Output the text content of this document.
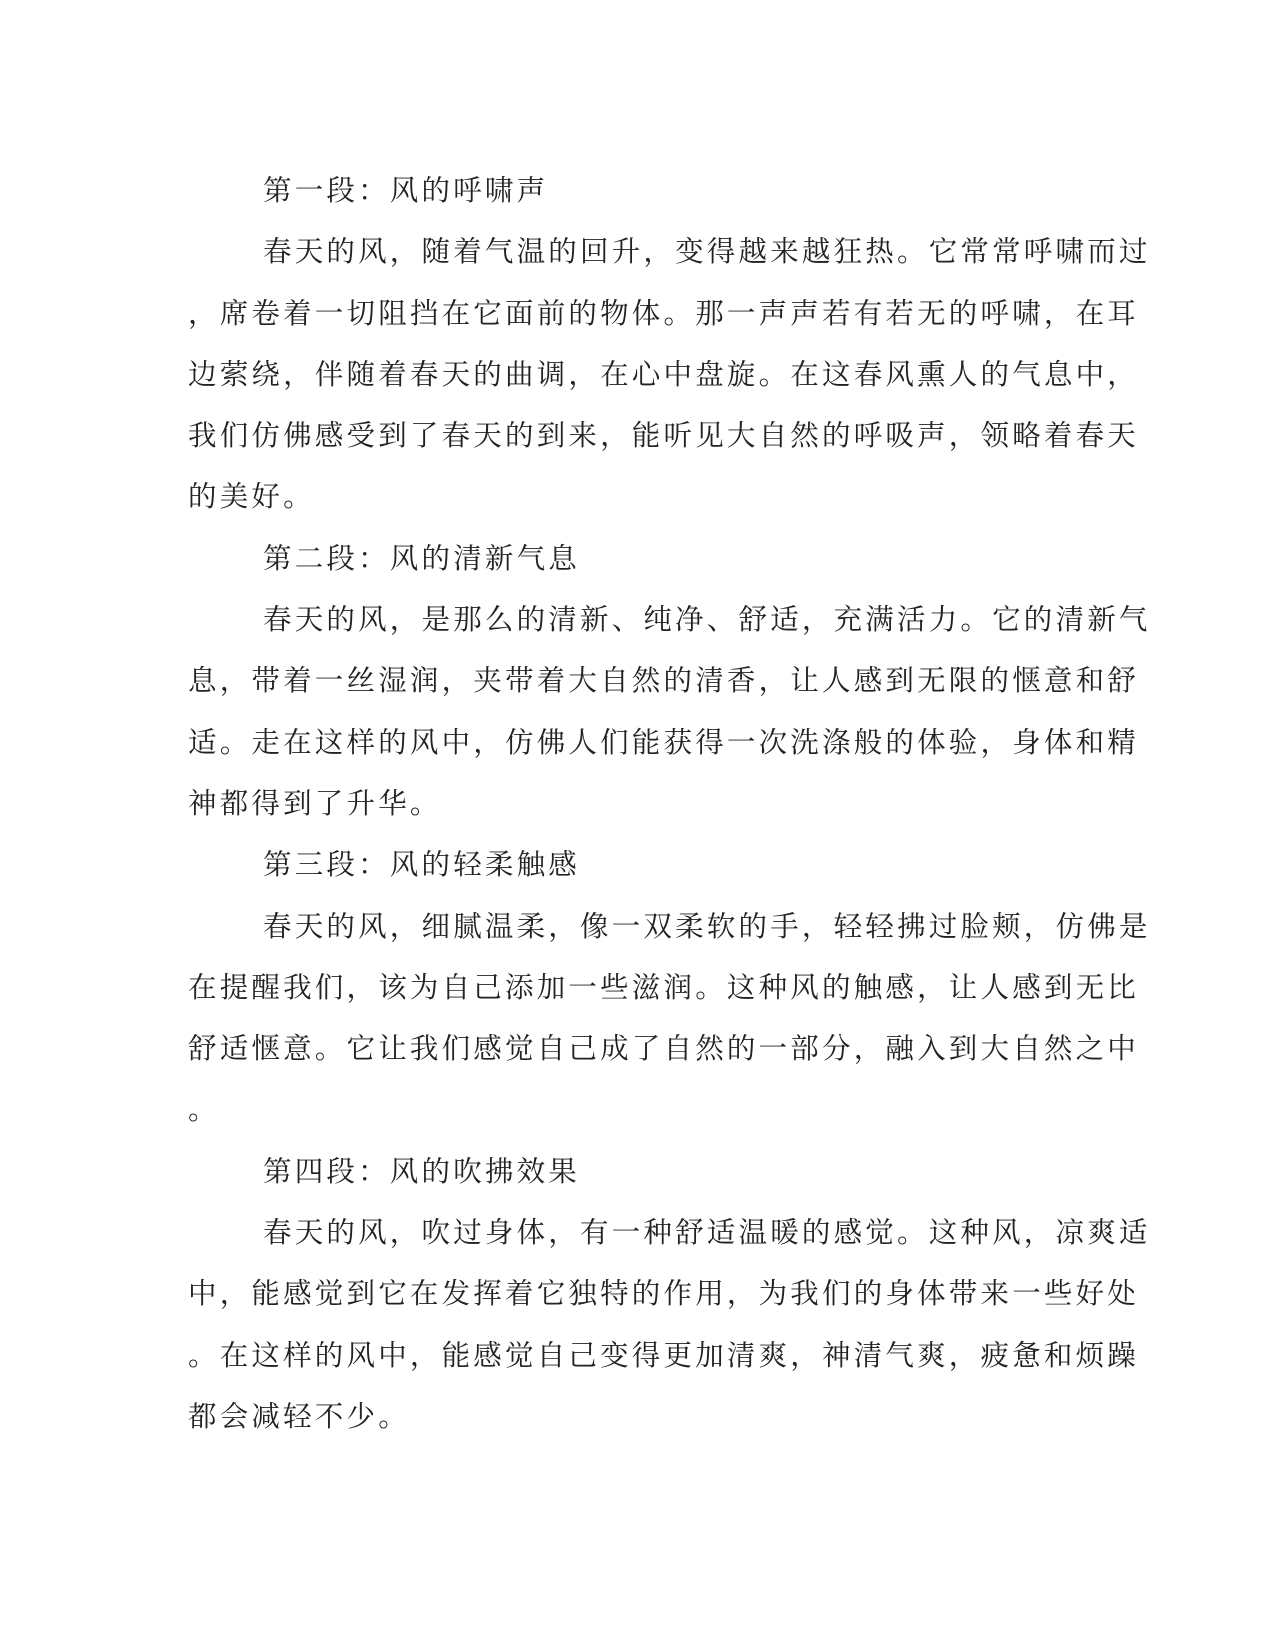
第一段：风的呼啸声
春天的风，随着气温的回升，变得越来越狂热。它常常呼啸而过
，席卷着一切阻挡在它面前的物体。那一声声若有若无的呼啸，在耳
边萦绕，伴随着春天的曲调，在心中盘旋。在这春风熏人的气息中，
我们仿佛感受到了春天的到来，能听见大自然的呼吸声，领略着春天
的美好。
第二段：风的清新气息
春天的风，是那么的清新、纯净、舒适，充满活力。它的清新气
息，带着一丝湿润，夹带着大自然的清香，让人感到无限的惬意和舒
适。走在这样的风中，仿佛人们能获得一次洗涤般的体验，身体和精
神都得到了升华。
第三段：风的轻柔触感
春天的风，细腻温柔，像一双柔软的手，轻轻拂过脸颊，仿佛是
在提醒我们，该为自己添加一些滋润。这种风的触感，让人感到无比
舒适惬意。它让我们感觉自己成了自然的一部分，融入到大自然之中
。
第四段：风的吹拂效果
春天的风，吹过身体，有一种舒适温暖的感觉。这种风，凉爽适
中，能感觉到它在发挥着它独特的作用，为我们的身体带来一些好处
。在这样的风中，能感觉自己变得更加清爽，神清气爽，疲惫和烦躁
都会减轻不少。
